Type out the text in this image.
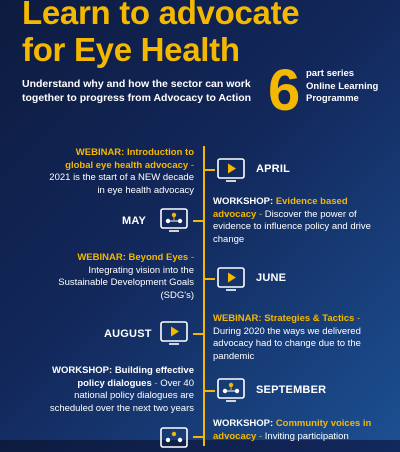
Learn to advocate
for Eye Health
Understand why and how the sector can work together to progress from Advocacy to Action 6 part series
Online Learning Programme
WEBINAR: Introduction to global eye health advocacy - 2021 is the start of a NEW decade in eye health advocacy
APRIL
MAY
WORKSHOP: Evidence based advocacy - Discover the power of evidence to influence policy and drive change
WEBINAR: Beyond Eyes - Integrating vision into the Sustainable Development Goals (SDG's)
JUNE
AUGUST
WEBINAR: Strategies & Tactics - During 2020 the ways we delivered advocacy had to change due to the pandemic
WORKSHOP: Building effective policy dialogues - Over 40 national policy dialogues are scheduled over the next two years
SEPTEMBER
WORKSHOP: Community voices in advocacy - Inviting participation
